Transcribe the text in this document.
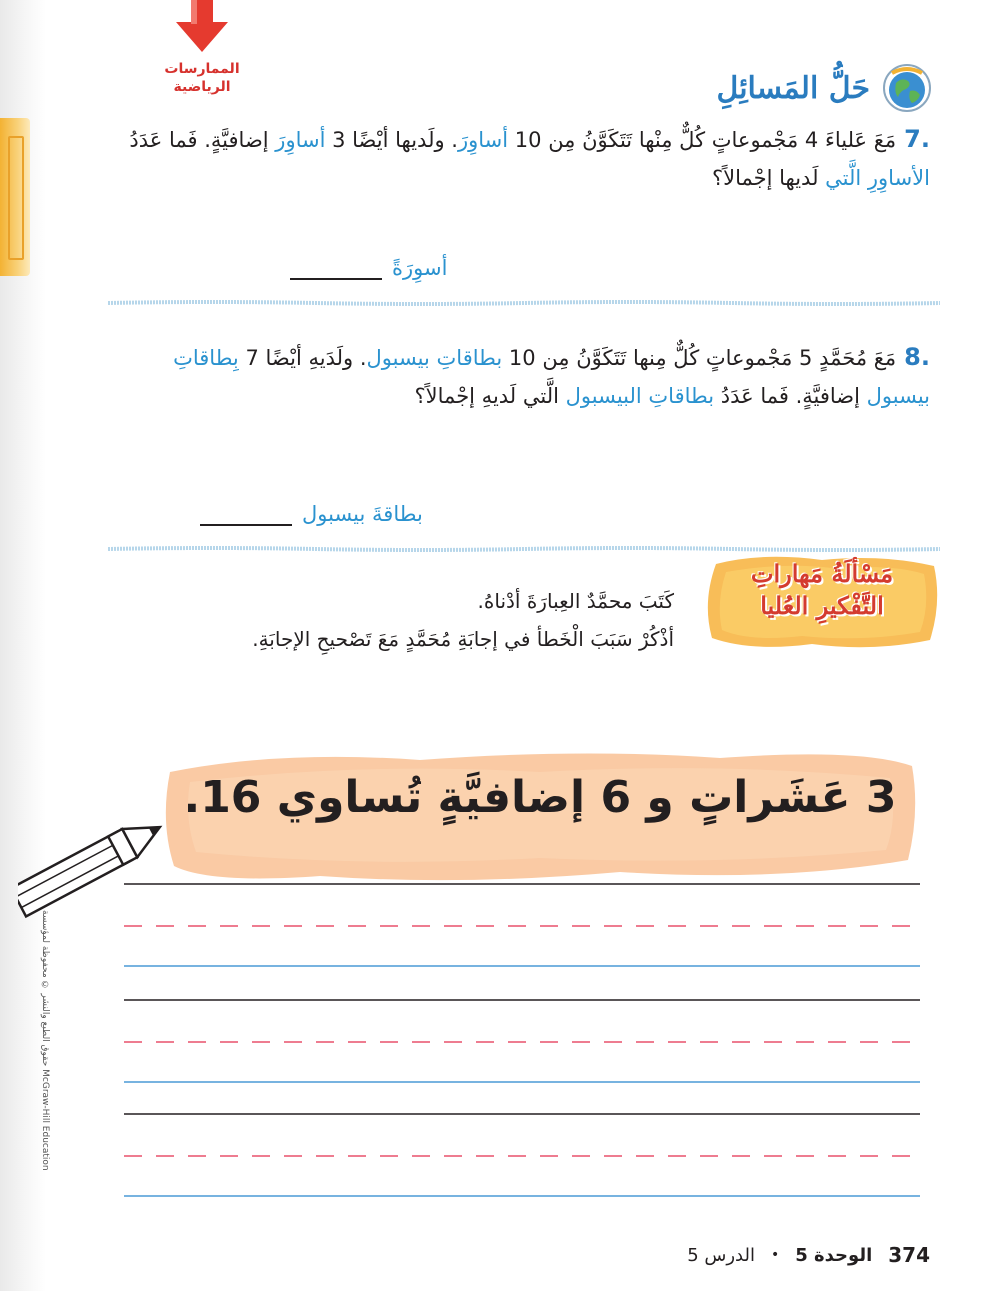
حقوق الطبع والنشر © محفوظة لمؤسسة McGraw-Hill Education
الممارسات
الرياضية	حَلُّ المَسائِلِ
.7مَعَ عَلياءَ 4 مَجْموعاتٍ كُلٌّ مِنْها تَتَكَوَّنُ مِن 10 أساوِرَ. ولَديها أيْضًا 3 أساوِرَ إضافيَّةٍ. فَما عَدَدُ الأساوِرِ الَّتي لَديها إجْمالاً؟
أسوِرَةً
.8مَعَ مُحَمَّدٍ 5 مَجْموعاتٍ كُلٌّ مِنها تَتَكَوَّنُ مِن 10 بطاقاتِ بيسبول. ولَدَيهِ أيْضًا 7 بِطاقاتِ بيسبول إضافيَّةٍ. فَما عَدَدُ بطاقاتِ البيسبول الَّتي لَديهِ إجْمالاً؟
بطاقةَ بيسبول
مَسْألَةُ مَهاراتِ
التَّفْكيرِ العُليا
كَتَبَ محمَّدٌ العِبارَةَ أدْناهُ.
أذْكُرْ سَبَبَ الْخَطأ في إجابَةِ مُحَمَّدٍ مَعَ تَصْحيحِ الإجابَةِ.
3 عَشَراتٍ و 6 إضافيَّةٍ تُساوي 16.
374
الوحدة 5
•
الدرس 5
